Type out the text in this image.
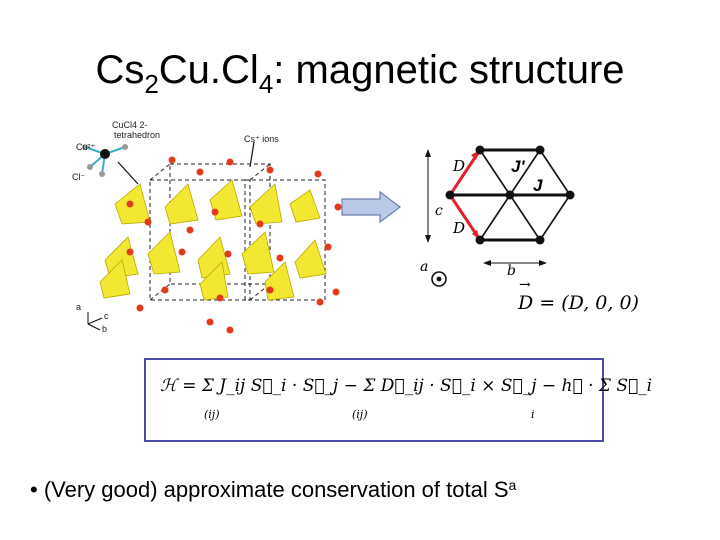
$Cs_2Cu.Cl_4$: magnetic structure
CuCl4 2-
tetrahedron	Cs⁺ ions
Cu²⁺
Cl⁻
a
c
b
D
D
J'
J
c
a	b
→ D = (D, 0, 0)
ℋ = Σ J_ij S⃗_i · S⃗_j − Σ D⃗_ij · S⃗_i × S⃗_j − h⃗ · Σ S⃗_i
(ij)	(ij)	i
• (Very good) approximate conservation of total $S^a$
